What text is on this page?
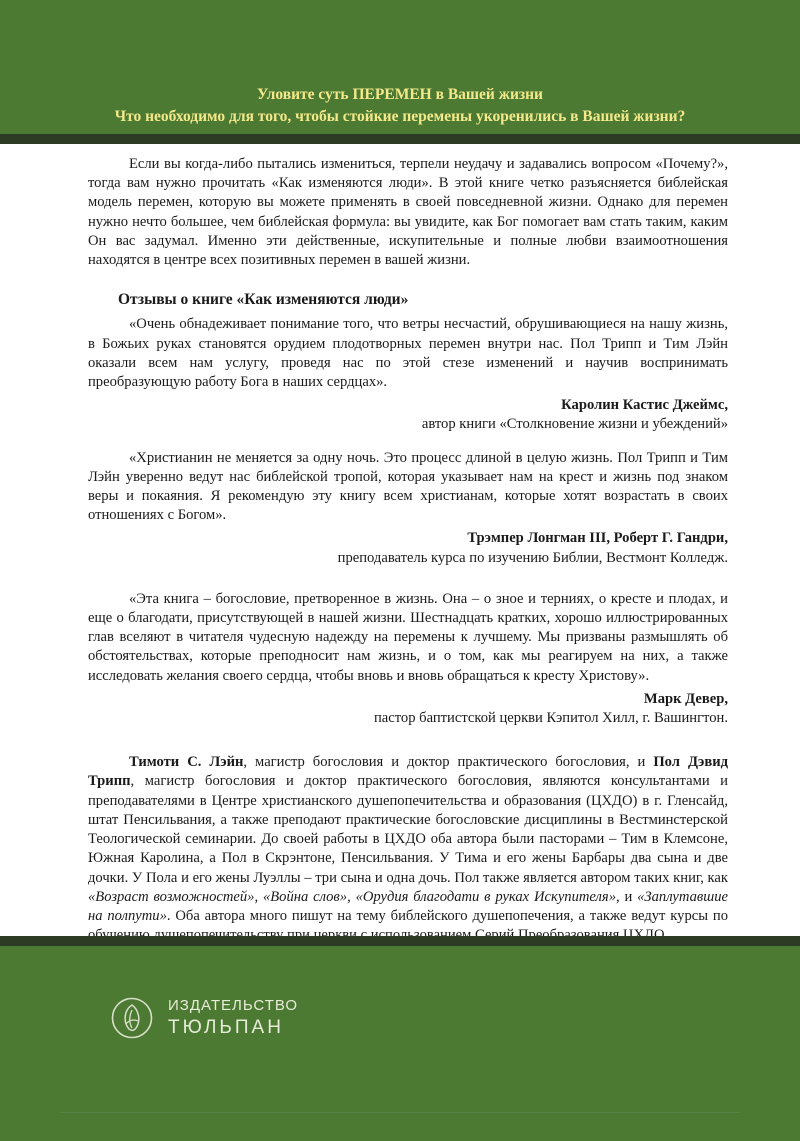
Уловите суть ПЕРЕМЕН в Вашей жизни
Что необходимо для того, чтобы стойкие перемены укоренились в Вашей жизни?

Если вы когда-либо пытались измениться, терпели неудачу и задавались вопросом «Почему?», тогда вам нужно прочитать «Как изменяются люди». В этой книге четко разъясняется библейская модель перемен, которую вы можете применять в своей повседневной жизни. Однако для перемен нужно нечто большее, чем библейская формула: вы увидите, как Бог помогает вам стать таким, каким Он вас задумал. Именно эти действенные, искупительные и полные любви взаимоотношения находятся в центре всех позитивных перемен в вашей жизни.

Отзывы о книге «Как изменяются люди»

«Очень обнадеживает понимание того, что ветры несчастий, обрушивающиеся на нашу жизнь, в Божьих руках становятся орудием плодотворных перемен внутри нас. Пол Трипп и Тим Лэйн оказали всем нам услугу, проведя нас по этой стезе изменений и научив воспринимать преобразующую работу Бога в наших сердцах».

Каролин Кастис Джеймс,

автор книги «Столкновение жизни и убеждений»

«Христианин не меняется за одну ночь. Это процесс длиной в целую жизнь. Пол Трипп и Тим Лэйн уверенно ведут нас библейской тропой, которая указывает нам на крест и жизнь под знаком веры и покаяния. Я рекомендую эту книгу всем христианам, которые хотят возрастать в своих отношениях с Богом».

Трэмпер Лонгман III, Роберт Г. Гандри,

преподаватель курса по изучению Библии, Вестмонт Колледж.

«Эта книга – богословие, претворенное в жизнь. Она – о зное и терниях, о кресте и плодах, и еще о благодати, присутствующей в нашей жизни. Шестнадцать кратких, хорошо иллюстрированных глав вселяют в читателя чудесную надежду на перемены к лучшему. Мы призваны размышлять об обстоятельствах, которые преподносит нам жизнь, и о том, как мы реагируем на них, а также исследовать желания своего сердца, чтобы вновь и вновь обращаться к кресту Христову».

Марк Девер,

пастор баптистской церкви Кэпитол Хилл, г. Вашингтон.

Тимоти С. Лэйн, магистр богословия и доктор практического богословия, и Пол Дэвид Трипп, магистр богословия и доктор практического богословия, являются консультантами и преподавателями в Центре христианского душепопечительства и образования (ЦХДО) в г. Гленсайд, штат Пенсильвания, а также преподают практические богословские дисциплины в Вестминстерской Теологической семинарии. До своей работы в ЦХДО оба автора были пасторами – Тим в Клемсоне, Южная Каролина, а Пол в Скрэнтоне, Пенсильвания. У Тима и его жены Барбары два сына и две дочки. У Пола и его жены Луэллы – три сына и одна дочь. Пол также является автором таких книг, как «Возраст возможностей», «Война слов», «Орудия благодати в руках Искупителя», и «Заплутавшие на полпути». Оба автора много пишут на тему библейского душепопечения, а также ведут курсы по

ИЗДАТЕЛЬСТВО
ТЮЛЬПАН
